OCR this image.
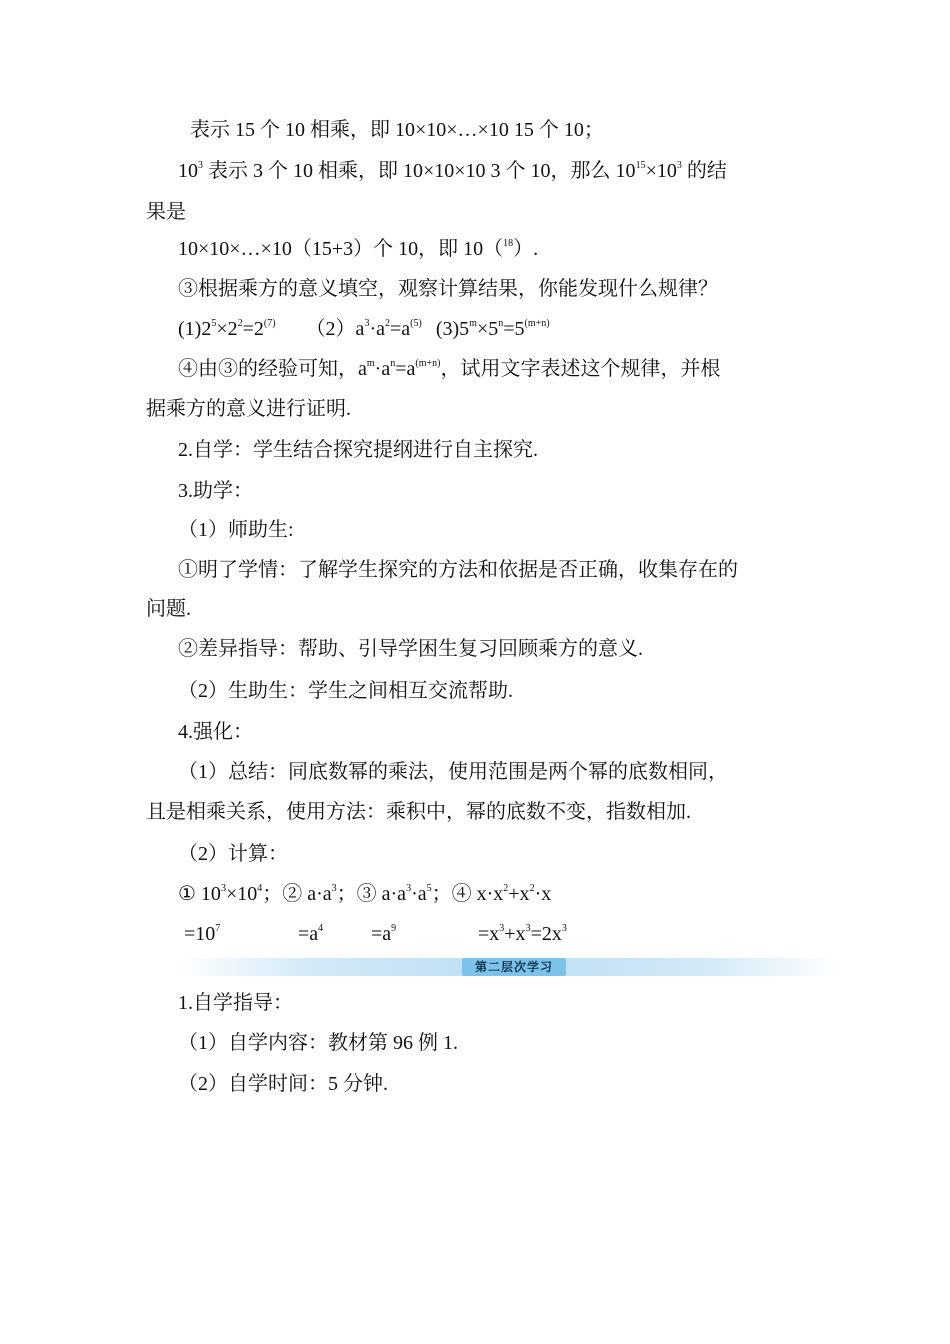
表示 15 个 10 相乘，即 10×10×…×10 15 个 10；
$10^3$ 表示 3 个 10 相乘，即 10×10×10 3 个 10，那么 $10^{15}\times 10^3$ 的结
果是
10×10×…×10（15+3）个 10，即 10（$^{18}$）.
③根据乘方的意义填空，观察计算结果，你能发现什么规律？
$(1)2^5\times 2^2=2^{(7)}$ $(2)a^3\cdot a^2=a^{(5)}$ $(3)5^m\times 5^n=5^{(m+n)}$
④由③的经验可知，$a^m\cdot a^n=a^{(m+n)}$，试用文字表述这个规律，并根
据乘方的意义进行证明.
2.自学：学生结合探究提纲进行自主探究.
3.助学：
（1）师助生:
①明了学情：了解学生探究的方法和依据是否正确，收集存在的
问题.
②差异指导：帮助、引导学困生复习回顾乘方的意义.
（2）生助生：学生之间相互交流帮助.
4.强化：
（1）总结：同底数幂的乘法，使用范围是两个幂的底数相同，
且是相乘关系，使用方法：乘积中，幂的底数不变，指数相加.
（2）计算：
① $10^3\times 10^4$；② $a\cdot a^3$；③ $a\cdot a^3\cdot a^5$；④ $x\cdot x^2+x^2\cdot x$
$=10^7$	$=a^4 =a^9$	$=x^3+x^3=2x^3$
第二层次学习
1.自学指导：
（1）自学内容：教材第 96 例 1.
（2）自学时间：5 分钟.
